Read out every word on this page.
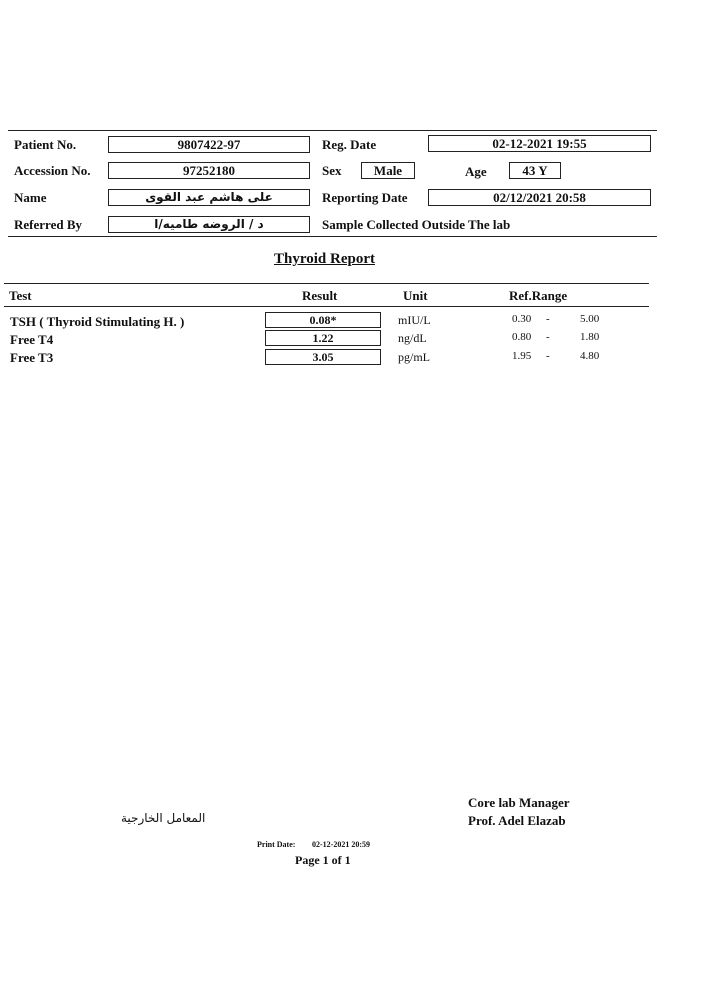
Patient No.	9807422-97
Accession No.	97252180
Name	على هاشم عبد القوى
Referred By	د / الروضه طاميه/ا
Reg. Date	02-12-2021 19:55
Sex	Male	Age	43 Y
Reporting Date	02/12/2021 20:58
Sample Collected Outside The lab
Thyroid Report
Test	Result	Unit	Ref.Range
TSH ( Thyroid Stimulating H. )	0.08*	mIU/L	0.30 -	5.00
Free T4	1.22	ng/dL	0.80 -	1.80
Free T3	3.05	pg/mL	1.95 -	4.80
Core lab Manager
Prof. Adel Elazab
المعامل الخارجية
Print Date: 02-12-2021 20:59
Page 1 of 1
